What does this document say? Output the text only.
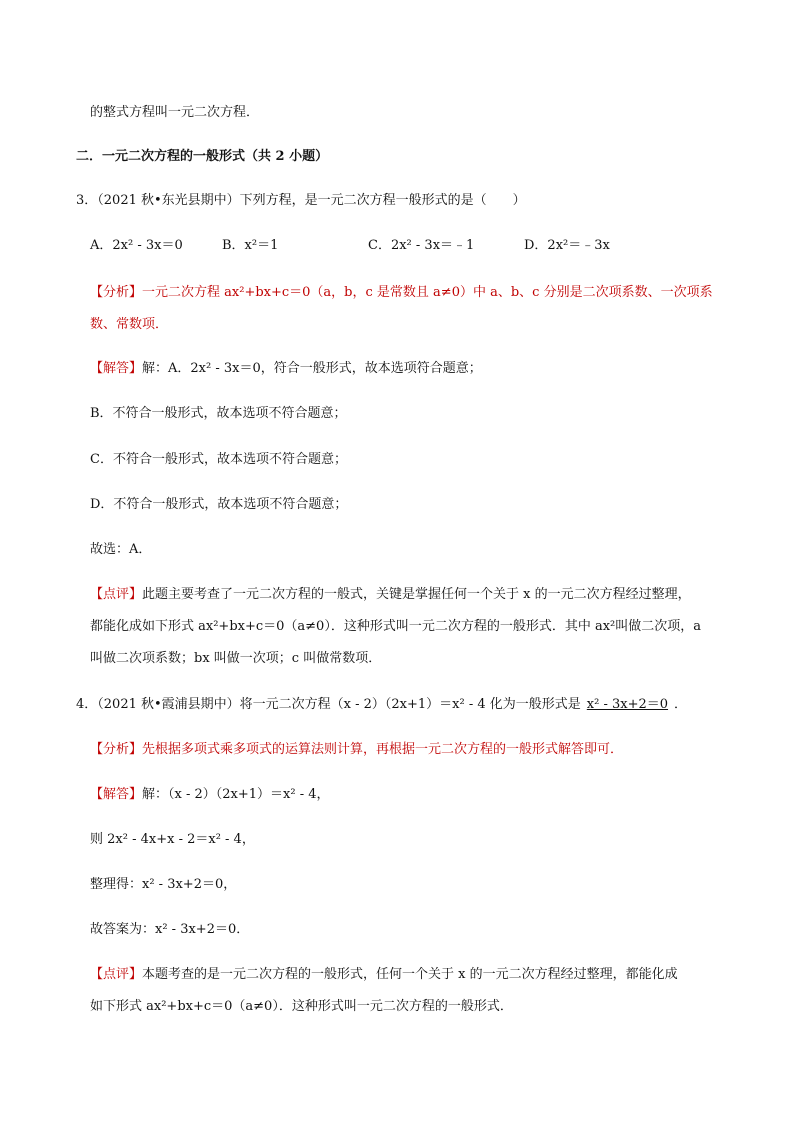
的整式方程叫一元二次方程．
二．一元二次方程的一般形式（共 2 小题）
3．（2021 秋•东光县期中）下列方程，是一元二次方程一般形式的是（　　）
A．2x² - 3x＝0	B．x²＝1	C．2x² - 3x＝﹣1	D．2x²＝﹣3x
【分析】一元二次方程 ax²+bx+c＝0（a，b，c 是常数且 a≠0）中 a、b、c 分别是二次项系数、一次项系
数、常数项．
【解答】解：A．2x² - 3x＝0，符合一般形式，故本选项符合题意；
B．不符合一般形式，故本选项不符合题意；
C．不符合一般形式，故本选项不符合题意；
D．不符合一般形式，故本选项不符合题意；
故选：A．
【点评】此题主要考查了一元二次方程的一般式，关键是掌握任何一个关于 x 的一元二次方程经过整理，
都能化成如下形式 ax²+bx+c＝0（a≠0）．这种形式叫一元二次方程的一般形式．其中 ax²叫做二次项，a
叫做二次项系数；bx 叫做一次项；c 叫做常数项．
4．（2021 秋•霞浦县期中）将一元二次方程（x - 2）（2x+1）＝x² - 4 化为一般形式是 x² - 3x+2＝0 ．
【分析】先根据多项式乘多项式的运算法则计算，再根据一元二次方程的一般形式解答即可．
【解答】解：（x - 2）（2x+1）＝x² - 4，
则 2x² - 4x+x - 2＝x² - 4，
整理得：x² - 3x+2＝0，
故答案为：x² - 3x+2＝0．
【点评】本题考查的是一元二次方程的一般形式，任何一个关于 x 的一元二次方程经过整理，都能化成
如下形式 ax²+bx+c＝0（a≠0）．这种形式叫一元二次方程的一般形式．
